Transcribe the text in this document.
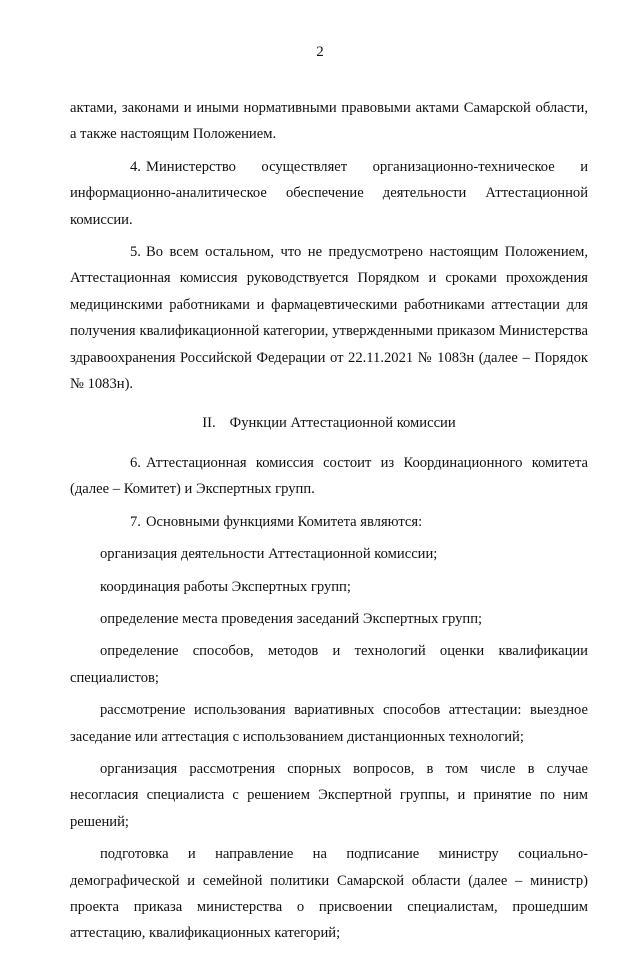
2

актами, законами и иными нормативными правовыми актами Самарской области, а также настоящим Положением.

4. Министерство осуществляет организационно-техническое и информационно-аналитическое обеспечение деятельности Аттестационной комиссии.

5. Во всем остальном, что не предусмотрено настоящим Положением, Аттестационная комиссия руководствуется Порядком и сроками прохождения медицинскими работниками и фармацевтическими работниками аттестации для получения квалификационной категории, утвержденными приказом Министерства здравоохранения Российской Федерации от 22.11.2021 № 1083н (далее – Порядок № 1083н).

II. Функции Аттестационной комиссии

6. Аттестационная комиссия состоит из Координационного комитета (далее – Комитет) и Экспертных групп.

7. Основными функциями Комитета являются:

организация деятельности Аттестационной комиссии;

координация работы Экспертных групп;

определение места проведения заседаний Экспертных групп;

определение способов, методов и технологий оценки квалификации специалистов;

рассмотрение использования вариативных способов аттестации: выездное заседание или аттестация с использованием дистанционных технологий;

организация рассмотрения спорных вопросов, в том числе в случае несогласия специалиста с решением Экспертной группы, и принятие по ним решений;

подготовка и направление на подписание министру социально-демографической и семейной политики Самарской области (далее – министр) проекта приказа министерства о присвоении специалистам, прошедшим аттестацию, квалификационных категорий;
